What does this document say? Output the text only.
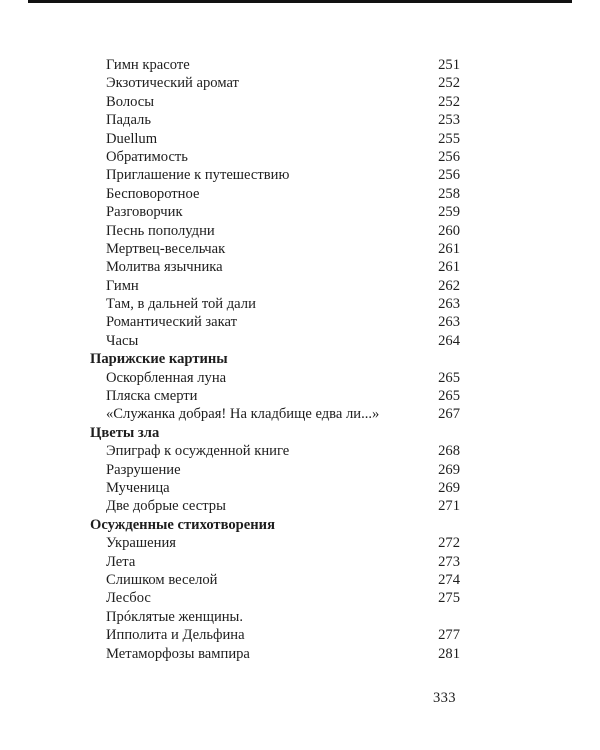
Гимн красоте	251
Экзотический аромат	252
Волосы	252
Падаль	253
Duellum	255
Обратимость	256
Приглашение к путешествию	256
Бесповоротное	258
Разговорчик	259
Песнь пополудни	260
Мертвец-весельчак	261
Молитва язычника	261
Гимн	262
Там, в дальней той дали	263
Романтический закат	263
Часы	264
Парижские картины
Оскорбленная луна	265
Пляска смерти	265
«Служанка добрая! На кладбище едва ли...»	267
Цветы зла
Эпиграф к осужденной книге	268
Разрушение	269
Мученица	269
Две добрые сестры	271
Осужденные стихотворения
Украшения	272
Лета	273
Слишком веселой	274
Лесбос	275
Прóклятые женщины.
Ипполита и Дельфина	277
Метаморфозы вампира	281
333
